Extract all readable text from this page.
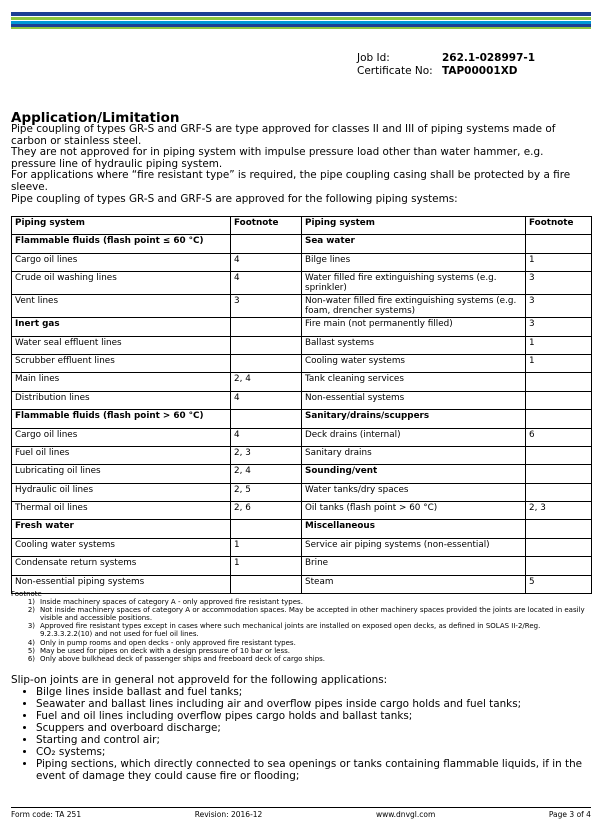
Job Id:	262.1-028997-1
Certificate No: TAP00001XD
Application/Limitation

Pipe coupling of types GR-S and GRF-S are type approved for classes II and III of piping systems made of carbon or stainless steel.

They are not approved for in piping system with impulse pressure load other than water hammer, e.g. pressure line of hydraulic piping system.

For applications where “fire resistant type” is required, the pipe coupling casing shall be protected by a fire sleeve.

Pipe coupling of types GR-S and GRF-S are approved for the following piping systems:

Piping system	Footnote	Piping system	Footnote
Flammable fluids (flash point ≤ 60 °C)		Sea water	
Cargo oil lines	4	Bilge lines	1
Crude oil washing lines	4	Water filled fire extinguishing systems (e.g. sprinkler)	3
Vent lines	3	Non-water filled fire extinguishing systems (e.g. foam, drencher systems)	3
Inert gas		Fire main (not permanently filled)	3
Water seal effluent lines		Ballast systems	1
Scrubber effluent lines		Cooling water systems	1
Main lines	2, 4	Tank cleaning services	
Distribution lines	4	Non-essential systems	
Flammable fluids (flash point > 60 °C)		Sanitary/drains/scuppers	
Cargo oil lines	4	Deck drains (internal)	6
Fuel oil lines	2, 3	Sanitary drains	
Lubricating oil lines	2, 4	Sounding/vent	
Hydraulic oil lines	2, 5	Water tanks/dry spaces	
Thermal oil lines	2, 6	Oil tanks (flash point > 60 °C)	2, 3
Fresh water		Miscellaneous	
Cooling water systems	1	Service air piping systems (non-essential)	
Condensate return systems	1	Brine	
Non-essential piping systems		Steam	5
Footnote
1) Inside machinery spaces of category A - only approved fire resistant types.
2) Not inside machinery spaces of category A or accommodation spaces. May be accepted in other machinery spaces provided the joints are located in easily visible and accessible positions.
3) Approved fire resistant types except in cases where such mechanical joints are installed on exposed open decks, as defined in SOLAS II-2/Reg. 9.2.3.3.2.2(10) and not used for fuel oil lines.
4) Only in pump rooms and open decks - only approved fire resistant types.
5) May be used for pipes on deck with a design pressure of 10 bar or less.
6) Only above bulkhead deck of passenger ships and freeboard deck of cargo ships.
Slip-on joints are in general not approveld for the following applications:
• Bilge lines inside ballast and fuel tanks;
• Seawater and ballast lines including air and overflow pipes inside cargo holds and fuel tanks;
• Fuel and oil lines including overflow pipes cargo holds and ballast tanks;
• Scuppers and overboard discharge;
• Starting and control air;
• CO₂ systems;
• Piping sections, which directly connected to sea openings or tanks containing flammable liquids, if in the event of damage they could cause fire or flooding;
Form code: TA 251	Revision: 2016-12	www.dnvgl.com	Page 3 of 4
